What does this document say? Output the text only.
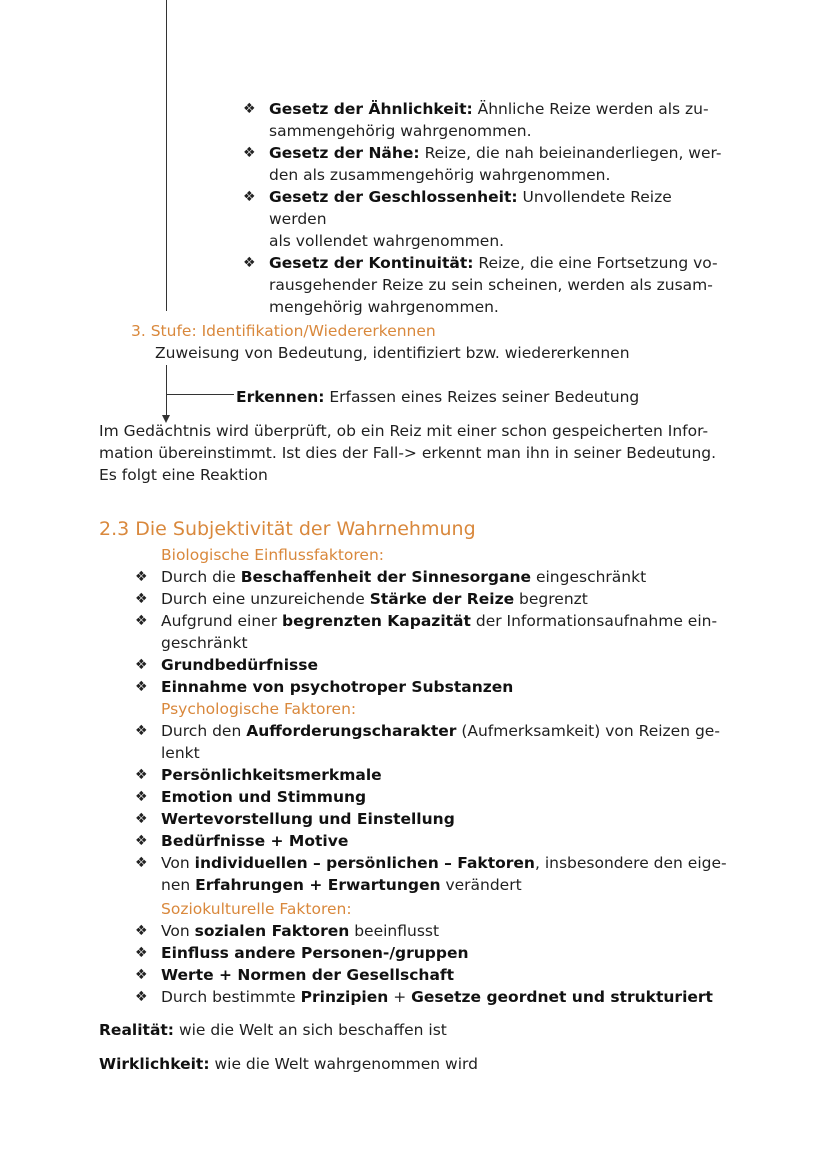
❖ Gesetz der Ähnlichkeit: Ähnliche Reize werden als zu-
sammengehörig wahrgenommen.
❖ Gesetz der Nähe: Reize, die nah beieinanderliegen, wer-
den als zusammengehörig wahrgenommen.
❖ Gesetz der Geschlossenheit: Unvollendete Reize werden
als vollendet wahrgenommen.
❖ Gesetz der Kontinuität: Reize, die eine Fortsetzung vo-
rausgehender Reize zu sein scheinen, werden als zusam-
mengehörig wahrgenommen.
3. Stufe: Identifikation/Wiedererkennen
Zuweisung von Bedeutung, identifiziert bzw. wiedererkennen
Erkennen: Erfassen eines Reizes seiner Bedeutung
Im Gedächtnis wird überprüft, ob ein Reiz mit einer schon gespeicherten Infor-
mation übereinstimmt. Ist dies der Fall-> erkennt man ihn in seiner Bedeutung.
Es folgt eine Reaktion
2.3 Die Subjektivität der Wahrnehmung
Biologische Einflussfaktoren:
❖ Durch die Beschaffenheit der Sinnesorgane eingeschränkt
❖ Durch eine unzureichende Stärke der Reize begrenzt
❖ Aufgrund einer begrenzten Kapazität der Informationsaufnahme ein-
geschränkt
❖ Grundbedürfnisse
❖ Einnahme von psychotroper Substanzen
Psychologische Faktoren:
❖ Durch den Aufforderungscharakter (Aufmerksamkeit) von Reizen ge-
lenkt
❖ Persönlichkeitsmerkmale
❖ Emotion und Stimmung
❖ Wertevorstellung und Einstellung
❖ Bedürfnisse + Motive
❖ Von individuellen – persönlichen – Faktoren, insbesondere den eige-
nen Erfahrungen + Erwartungen verändert
Soziokulturelle Faktoren:
❖ Von sozialen Faktoren beeinflusst
❖ Einfluss andere Personen-/gruppen
❖ Werte + Normen der Gesellschaft
❖ Durch bestimmte Prinzipien + Gesetze geordnet und strukturiert
Realität: wie die Welt an sich beschaffen ist
Wirklichkeit: wie die Welt wahrgenommen wird
